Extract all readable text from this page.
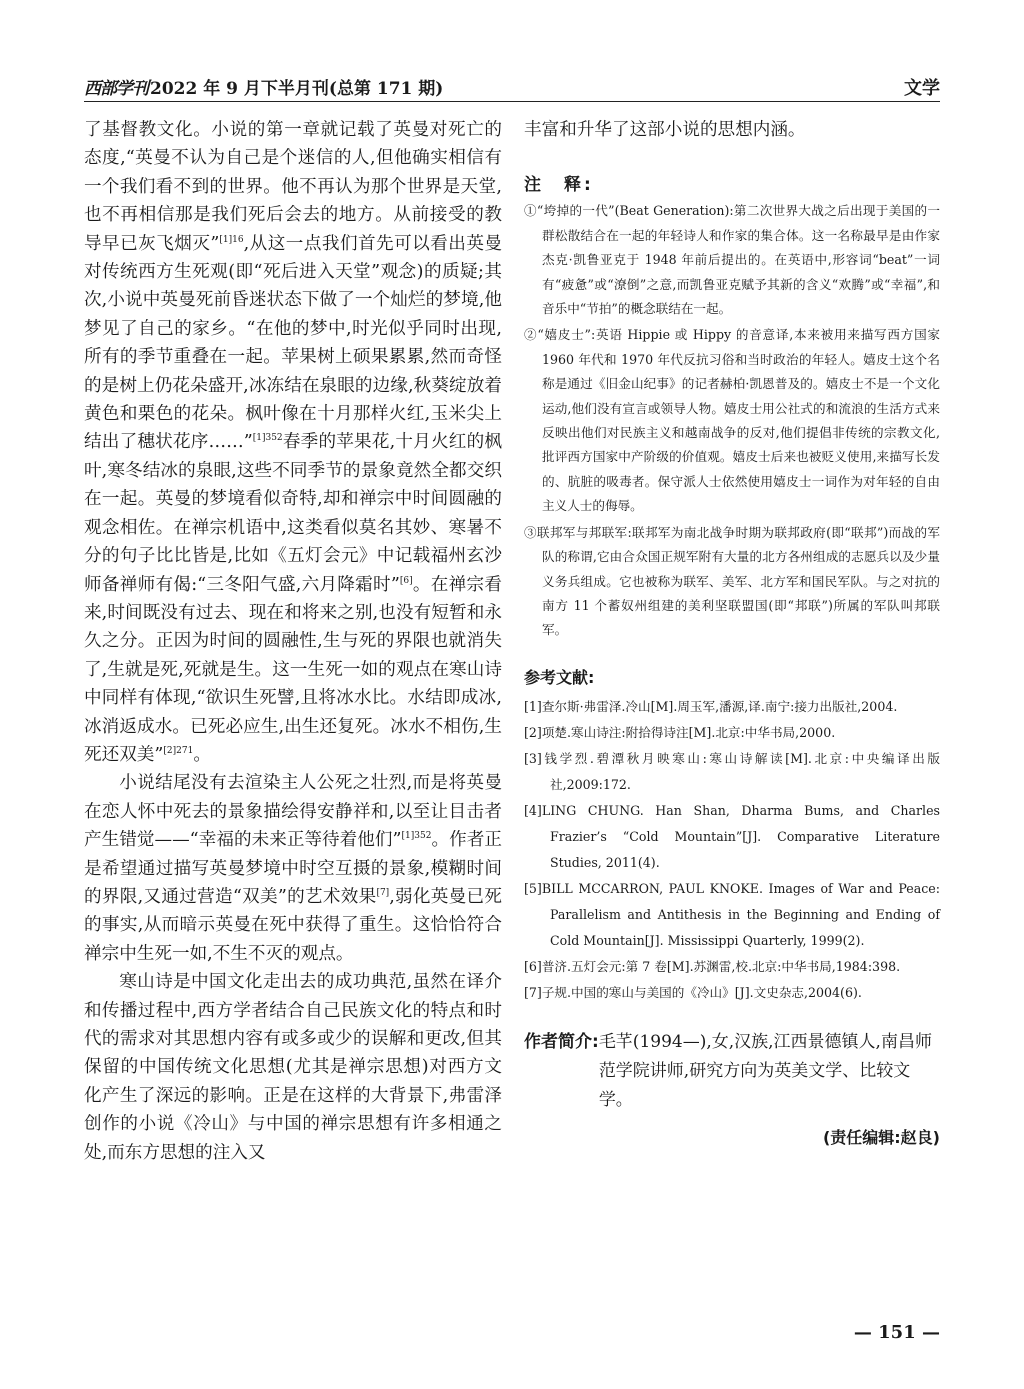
西部学刊 2022 年 9 月下半月刊(总第 171 期)	文学

了基督教文化。小说的第一章就记载了英曼对死亡的态度,“英曼不认为自己是个迷信的人,但他确实相信有一个我们看不到的世界。他不再认为那个世界是天堂,也不再相信那是我们死后会去的地方。从前接受的教导早已灰飞烟灭”$^{[1]16}$,从这一点我们首先可以看出英曼对传统西方生死观(即“死后进入天堂”观念)的质疑;其次,小说中英曼死前昏迷状态下做了一个灿烂的梦境,他梦见了自己的家乡。“在他的梦中,时光似乎同时出现,所有的季节重叠在一起。苹果树上硕果累累,然而奇怪的是树上仍花朵盛开,冰冻结在泉眼的边缘,秋葵绽放着黄色和栗色的花朵。枫叶像在十月那样火红,玉米尖上结出了穗状花序……”$^{[1]352}$春季的苹果花,十月火红的枫叶,寒冬结冰的泉眼,这些不同季节的景象竟然全都交织在一起。英曼的梦境看似奇特,却和禅宗中时间圆融的观念相佐。在禅宗机语中,这类看似莫名其妙、寒暑不分的句子比比皆是,比如《五灯会元》中记载福州玄沙师备禅师有偈:“三冬阳气盛,六月降霜时”[6]。在禅宗看来,时间既没有过去、现在和将来之别,也没有短暂和永久之分。正因为时间的圆融性,生与死的界限也就消失了,生就是死,死就是生。这一生死一如的观点在寒山诗中同样有体现,“欲识生死譬,且将冰水比。水结即成冰,冰消返成水。已死必应生,出生还复死。冰水不相伤,生死还双美”$^{[2]271}$。

小说结尾没有去渲染主人公死之壮烈,而是将英曼在恋人怀中死去的景象描绘得安静祥和,以至让目击者产生错觉——“幸福的未来正等待着他们”$^{[1]352}$。作者正是希望通过描写英曼梦境中时空互摄的景象,模糊时间的界限,又通过营造“双美”的艺术效果[7],弱化英曼已死的事实,从而暗示英曼在死中获得了重生。这恰恰符合禅宗中生死一如,不生不灭的观点。

寒山诗是中国文化走出去的成功典范,虽然在译介和传播过程中,西方学者结合自己民族文化的特点和时代的需求对其思想内容有或多或少的误解和更改,但其保留的中国传统文化思想(尤其是禅宗思想)对西方文化产生了深远的影响。正是在这样的大背景下,弗雷泽创作的小说《冷山》与中国的禅宗思想有许多相通之处,而东方思想的注入又

丰富和升华了这部小说的思想内涵。

注　释:

①“垮掉的一代”(Beat Generation):第二次世界大战之后出现于美国的一群松散结合在一起的年轻诗人和作家的集合体。这一名称最早是由作家杰克·凯鲁亚克于 1948 年前后提出的。在英语中,形容词“beat”一词有“疲惫”或“潦倒”之意,而凯鲁亚克赋予其新的含义“欢腾”或“幸福”,和音乐中“节拍”的概念联结在一起。

②“嬉皮士”:英语 Hippie 或 Hippy 的音意译,本来被用来描写西方国家 1960 年代和 1970 年代反抗习俗和当时政治的年轻人。嬉皮士这个名称是通过《旧金山纪事》的记者赫柏·凯恩普及的。嬉皮士不是一个文化运动,他们没有宣言或领导人物。嬉皮士用公社式的和流浪的生活方式来反映出他们对民族主义和越南战争的反对,他们提倡非传统的宗教文化,批评西方国家中产阶级的价值观。嬉皮士后来也被贬义使用,来描写长发的、肮脏的吸毒者。保守派人士依然使用嬉皮士一词作为对年轻的自由主义人士的侮辱。

③联邦军与邦联军:联邦军为南北战争时期为联邦政府(即“联邦”)而战的军队的称谓,它由合众国正规军附有大量的北方各州组成的志愿兵以及少量义务兵组成。它也被称为联军、美军、北方军和国民军队。与之对抗的南方 11 个蓄奴州组建的美利坚联盟国(即“邦联”)所属的军队叫邦联军。

参考文献:

[1]查尔斯·弗雷泽.冷山[M].周玉军,潘源,译.南宁:接力出版社,2004.

[2]项楚.寒山诗注:附拾得诗注[M].北京:中华书局,2000.

[3]钱学烈.碧潭秋月映寒山:寒山诗解读[M].北京:中央编译出版社,2009:172.

[4]LING CHUNG. Han Shan, Dharma Bums, and Charles Frazier’s “Cold Mountain”[J]. Comparative Literature Studies, 2011(4).

[5]BILL MCCARRON, PAUL KNOKE. Images of War and Peace: Parallelism and Antithesis in the Beginning and Ending of Cold Mountain[J]. Mississippi Quarterly, 1999(2).

[6]普济.五灯会元:第 7 卷[M].苏渊雷,校.北京:中华书局,1984:398.

[7]子规.中国的寒山与美国的《冷山》[J].文史杂志,2004(6).

作者简介: 毛芊(1994—),女,汉族,江西景德镇人,南昌师范学院讲师,研究方向为英美文学、比较文学。
(责任编辑:赵良)
— 151 —
